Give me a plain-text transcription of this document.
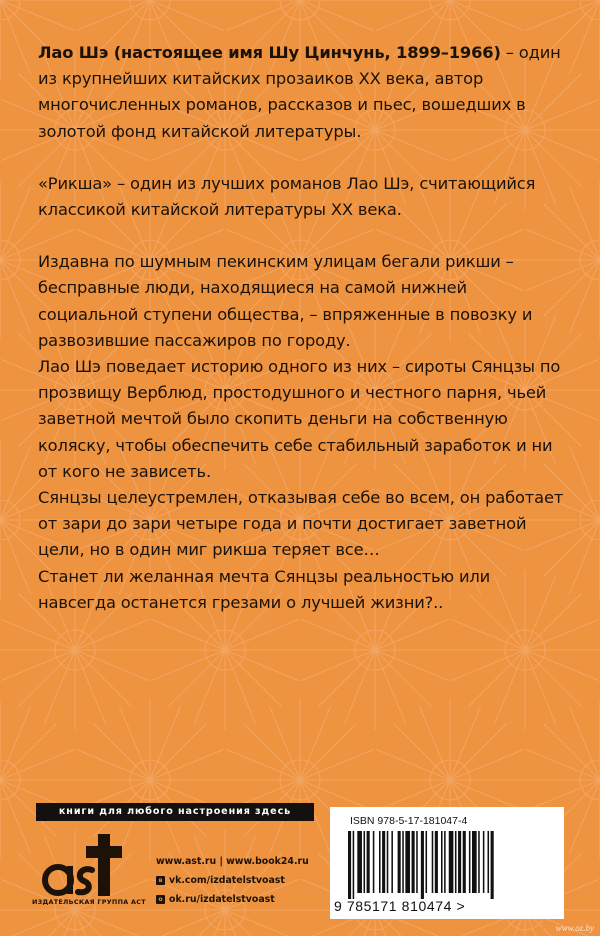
Лао Шэ (настоящее имя Шу Цинчунь, 1899–1966) – один из крупнейших китайских прозаиков XX века, автор многочисленных романов, рассказов и пьес, вошедших в золотой фонд китайской литературы.

«Рикша» – один из лучших романов Лао Шэ, считающийся классикой китайской литературы XX века.

Издавна по шумным пекинским улицам бегали рикши – бесправные люди, находящиеся на самой нижней социальной ступени общества, – впряженные в повозку и развозившие пассажиров по городу.

Лао Шэ поведает историю одного из них – сироты Сянцзы по прозвищу Верблюд, простодушного и честного парня, чьей заветной мечтой было скопить деньги на собственную коляску, чтобы обеспечить себе стабильный заработок и ни от кого не зависеть.

Сянцзы целеустремлен, отказывая себе во всем, он работает от зари до зари четыре года и почти достигает заветной цели, но в один миг рикша теряет все…

Станет ли желанная мечта Сянцзы реальностью или навсегда останется грезами о лучшей жизни?..

книги для любого настроения здесь
ИЗДАТЕЛЬСКАЯ ГРУППА АСТ
www.ast.ru | www.book24.ru
в vk.com/izdatelstvoast
о ok.ru/izdatelstvoast
ISBN 978-5-17-181047-4
9 785171 810474 >
www.oz.by
